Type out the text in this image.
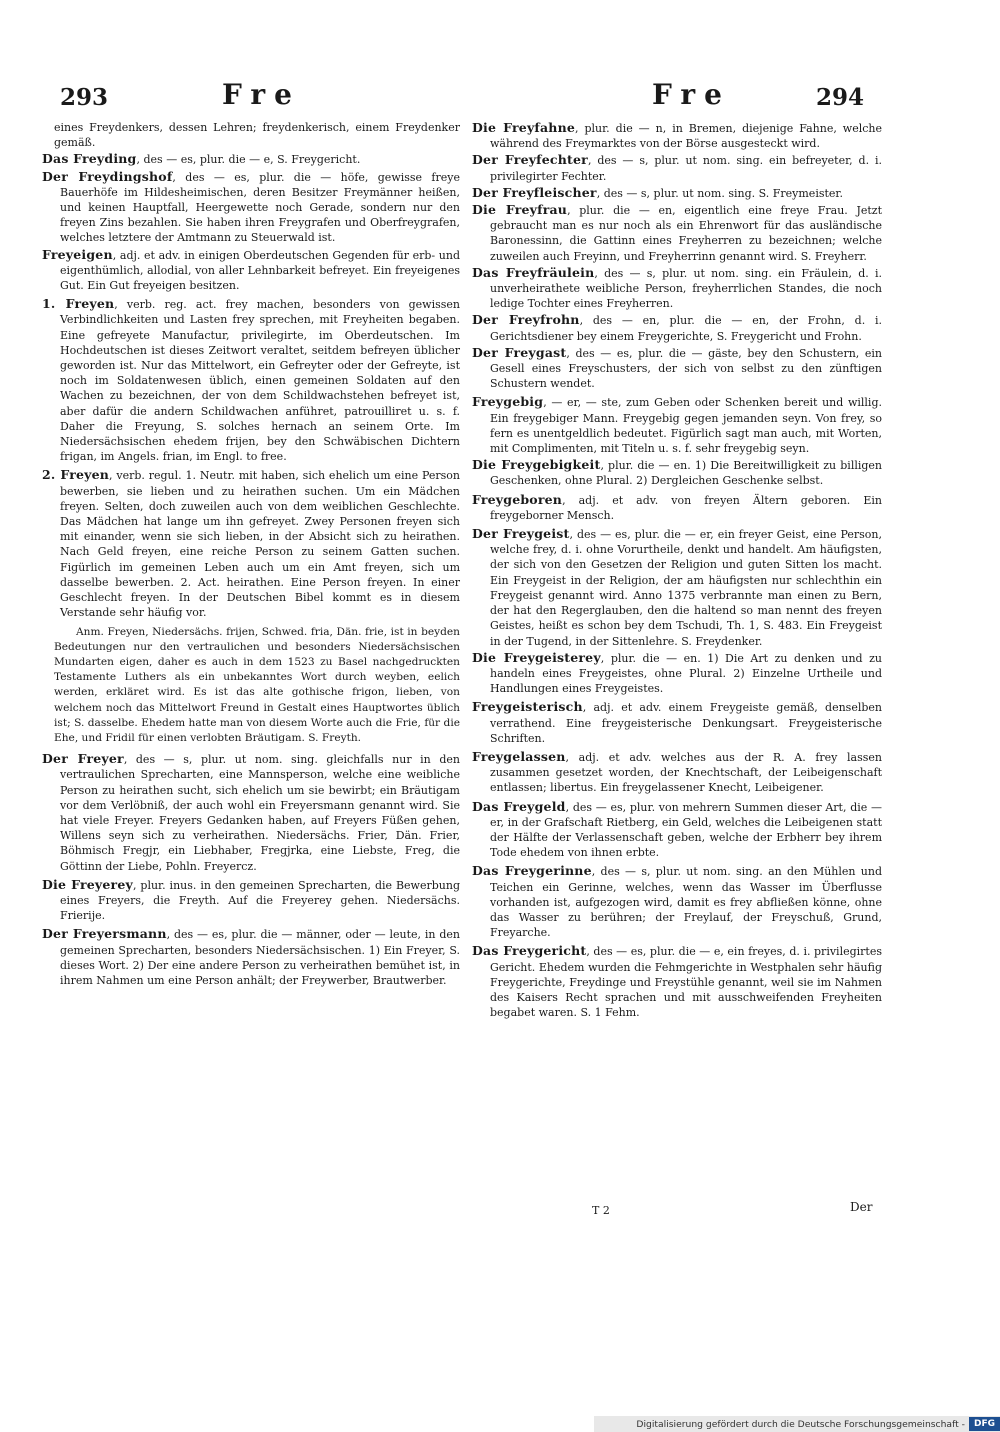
293	Fre	Fre	294

eines Freydenkers, dessen Lehren; freydenkerisch, einem Freydenker gemäß.

Das Freyding, des — es, plur. die — e, S. Freygericht.

Der Freydingshof, des — es, plur. die — höfe, gewisse freye Bauerhöfe im Hildesheimischen, deren Besitzer Freymänner heißen, und keinen Hauptfall, Heergewette noch Gerade, sondern nur den freyen Zins bezahlen. Sie haben ihren Freygrafen und Oberfreygrafen, welches letztere der Amtmann zu Steuerwald ist.

Freyeigen, adj. et adv. in einigen Oberdeutschen Gegenden für erb- und eigenthümlich, allodial, von aller Lehnbarkeit befreyet. Ein freyeigenes Gut. Ein Gut freyeigen besitzen.

1. Freyen, verb. reg. act. frey machen, besonders von gewissen Verbindlichkeiten und Lasten frey sprechen, mit Freyheiten begaben. Eine gefreyete Manufactur, privilegirte, im Oberdeutschen. Im Hochdeutschen ist dieses Zeitwort veraltet, seitdem befreyen üblicher geworden ist. Nur das Mittelwort, ein Gefreyter oder der Gefreyte, ist noch im Soldatenwesen üblich, einen gemeinen Soldaten auf den Wachen zu bezeichnen, der von dem Schildwachstehen befreyet ist, aber dafür die andern Schildwachen anführet, patrouilliret u. s. f. Daher die Freyung, S. solches hernach an seinem Orte. Im Niedersächsischen ehedem frijen, bey den Schwäbischen Dichtern frigan, im Angels. frian, im Engl. to free.

2. Freyen, verb. regul. 1. Neutr. mit haben, sich ehelich um eine Person bewerben, sie lieben und zu heirathen suchen. Um ein Mädchen freyen. Selten, doch zuweilen auch von dem weiblichen Geschlechte. Das Mädchen hat lange um ihn gefreyet. Zwey Personen freyen sich mit einander, wenn sie sich lieben, in der Absicht sich zu heirathen. Nach Geld freyen, eine reiche Person zu seinem Gatten suchen. Figürlich im gemeinen Leben auch um ein Amt freyen, sich um dasselbe bewerben. 2. Act. heirathen. Eine Person freyen. In einer Geschlecht freyen. In der Deutschen Bibel kommt es in diesem Verstande sehr häufig vor.

Anm. Freyen, Niedersächs. frijen, Schwed. fria, Dän. frie, ist in beyden Bedeutungen nur den vertraulichen und besonders Niedersächsischen Mundarten eigen, daher es auch in dem 1523 zu Basel nachgedruckten Testamente Luthers als ein unbekanntes Wort durch weyben, eelich werden, erkläret wird. Es ist das alte gothische frigon, lieben, von welchem noch das Mittelwort Freund in Gestalt eines Hauptwortes üblich ist; S. dasselbe. Ehedem hatte man von diesem Worte auch die Frie, für die Ehe, und Fridil für einen verlobten Bräutigam. S. Freyth.

Der Freyer, des — s, plur. ut nom. sing. gleichfalls nur in den vertraulichen Sprecharten, eine Mannsperson, welche eine weibliche Person zu heirathen sucht, sich ehelich um sie bewirbt; ein Bräutigam vor dem Verlöbniß, der auch wohl ein Freyersmann genannt wird. Sie hat viele Freyer. Freyers Gedanken haben, auf Freyers Füßen gehen, Willens seyn sich zu verheirathen. Niedersächs. Frier, Dän. Frier, Böhmisch Fregjr, ein Liebhaber, Fregjrka, eine Liebste, Freg, die Göttinn der Liebe, Pohln. Freyercz.

Die Freyerey, plur. inus. in den gemeinen Sprecharten, die Bewerbung eines Freyers, die Freyth. Auf die Freyerey gehen. Niedersächs. Frierije.

Der Freyersmann, des — es, plur. die — männer, oder — leute, in den gemeinen Sprecharten, besonders Niedersächsischen. 1) Ein Freyer, S. dieses Wort. 2) Der eine andere Person zu verheirathen bemühet ist, in ihrem Nahmen um eine Person anhält; der Freywerber, Brautwerber.

Die Freyfahne, plur. die — n, in Bremen, diejenige Fahne, welche während des Freymarktes von der Börse ausgesteckt wird.

Der Freyfechter, des — s, plur. ut nom. sing. ein befreyeter, d. i. privilegirter Fechter.

Der Freyfleischer, des — s, plur. ut nom. sing. S. Freymeister.

Die Freyfrau, plur. die — en, eigentlich eine freye Frau. Jetzt gebraucht man es nur noch als ein Ehrenwort für das ausländische Baronessinn, die Gattinn eines Freyherren zu bezeichnen; welche zuweilen auch Freyinn, und Freyherrinn genannt wird. S. Freyherr.

Das Freyfräulein, des — s, plur. ut nom. sing. ein Fräulein, d. i. unverheirathete weibliche Person, freyherrlichen Standes, die noch ledige Tochter eines Freyherren.

Der Freyfrohn, des — en, plur. die — en, der Frohn, d. i. Gerichtsdiener bey einem Freygerichte, S. Freygericht und Frohn.

Der Freygast, des — es, plur. die — gäste, bey den Schustern, ein Gesell eines Freyschusters, der sich von selbst zu den zünftigen Schustern wendet.

Freygebig, — er, — ste, zum Geben oder Schenken bereit und willig. Ein freygebiger Mann. Freygebig gegen jemanden seyn. Von frey, so fern es unentgeldlich bedeutet. Figürlich sagt man auch, mit Worten, mit Complimenten, mit Titeln u. s. f. sehr freygebig seyn.

Die Freygebigkeit, plur. die — en. 1) Die Bereitwilligkeit zu billigen Geschenken, ohne Plural. 2) Dergleichen Geschenke selbst.

Freygeboren, adj. et adv. von freyen Ältern geboren. Ein freygeborner Mensch.

Der Freygeist, des — es, plur. die — er, ein freyer Geist, eine Person, welche frey, d. i. ohne Vorurtheile, denkt und handelt. Am häufigsten, der sich von den Gesetzen der Religion und guten Sitten los macht. Ein Freygeist in der Religion, der am häufigsten nur schlechthin ein Freygeist genannt wird. Anno 1375 verbrannte man einen zu Bern, der hat den Regerglauben, den die haltend so man nennt des freyen Geistes, heißt es schon bey dem Tschudi, Th. 1, S. 483. Ein Freygeist in der Tugend, in der Sittenlehre. S. Freydenker.

Die Freygeisterey, plur. die — en. 1) Die Art zu denken und zu handeln eines Freygeistes, ohne Plural. 2) Einzelne Urtheile und Handlungen eines Freygeistes.

Freygeisterisch, adj. et adv. einem Freygeiste gemäß, denselben verrathend. Eine freygeisterische Denkungsart. Freygeisterische Schriften.

Freygelassen, adj. et adv. welches aus der R. A. frey lassen zusammen gesetzet worden, der Knechtschaft, der Leibeigenschaft entlassen; libertus. Ein freygelassener Knecht, Leibeigener.

Das Freygeld, des — es, plur. von mehrern Summen dieser Art, die — er, in der Grafschaft Rietberg, ein Geld, welches die Leibeigenen statt der Hälfte der Verlassenschaft geben, welche der Erbherr bey ihrem Tode ehedem von ihnen erbte.

Das Freygerinne, des — s, plur. ut nom. sing. an den Mühlen und Teichen ein Gerinne, welches, wenn das Wasser im Überflusse vorhanden ist, aufgezogen wird, damit es frey abfließen könne, ohne das Wasser zu berühren; der Freylauf, der Freyschuß, Grund, Freyarche.

Das Freygericht, des — es, plur. die — e, ein freyes, d. i. privilegirtes Gericht. Ehedem wurden die Fehmgerichte in Westphalen sehr häufig Freygerichte, Freydinge und Freystühle genannt, weil sie im Nahmen des Kaisers Recht sprachen und mit ausschweifenden Freyheiten begabet waren. S. 1 Fehm.

T 2	Der
Digitalisierung gefördert durch die Deutsche Forschungsgemeinschaft -	DFG
